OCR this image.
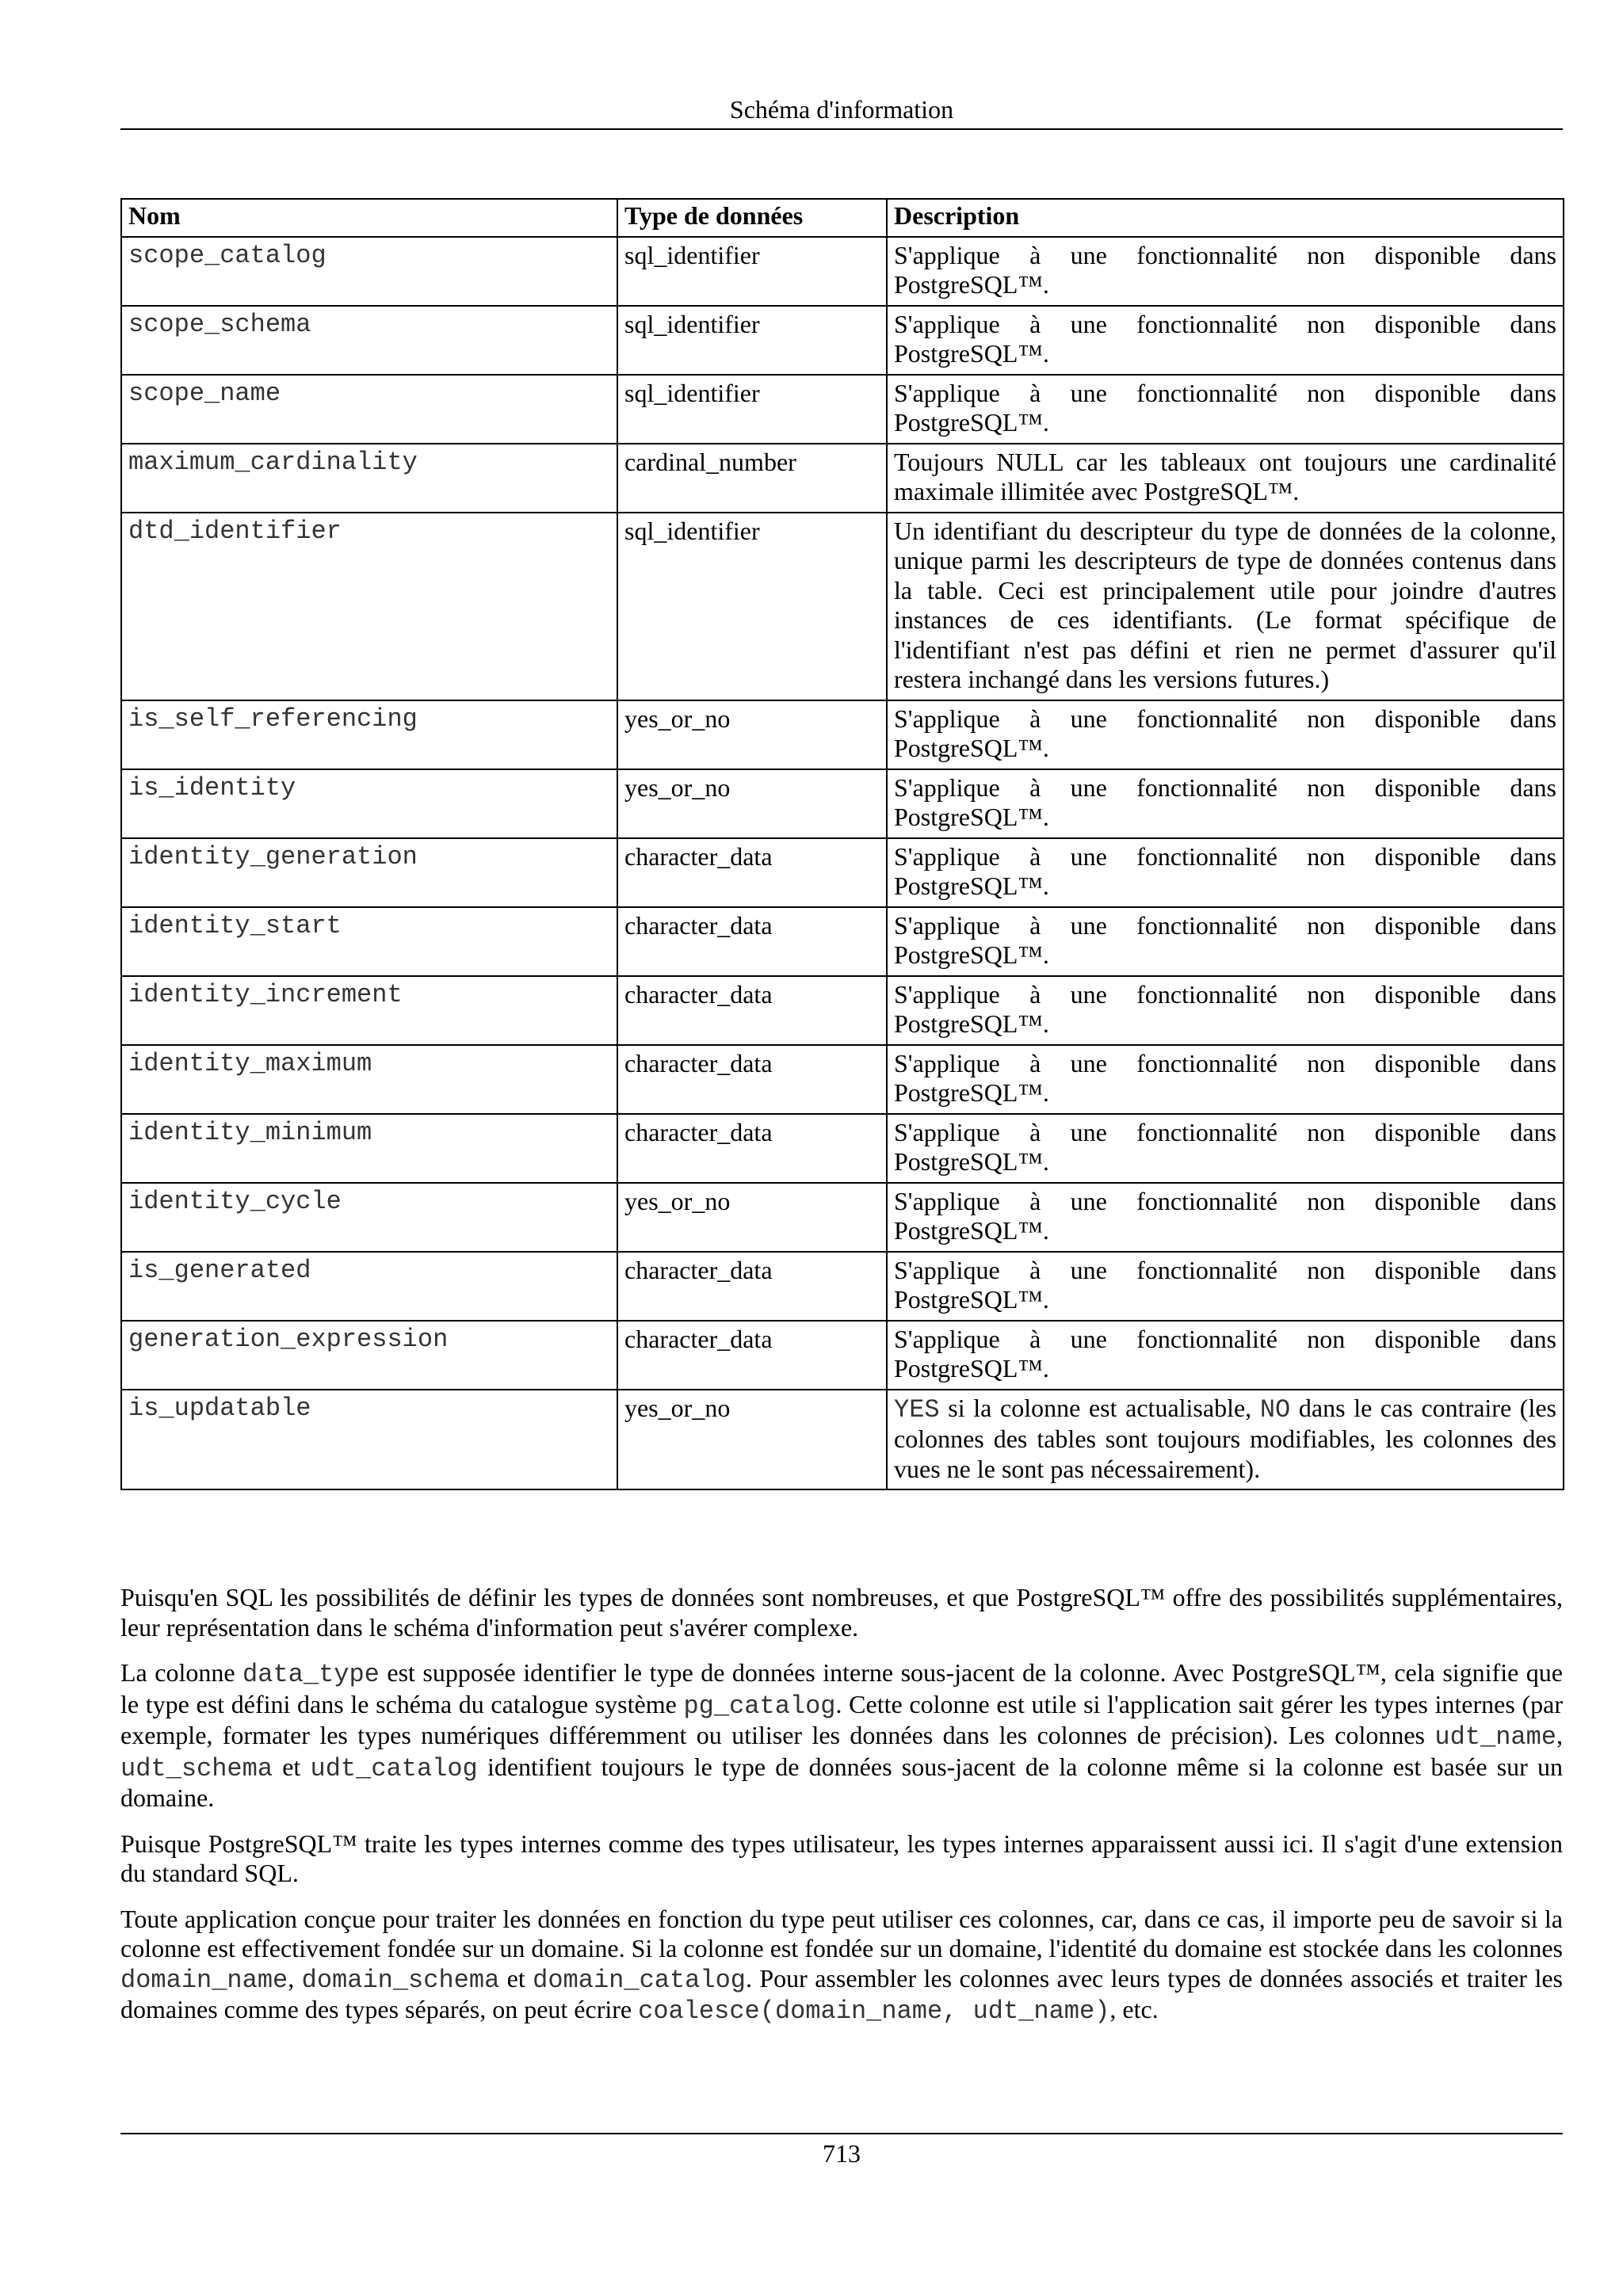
Schéma d'information
Nom	Type de données	Description
scope_catalog	sql_identifier	S'applique à une fonctionnalité non disponible dans PostgreSQL™.
scope_schema	sql_identifier	S'applique à une fonctionnalité non disponible dans PostgreSQL™.
scope_name	sql_identifier	S'applique à une fonctionnalité non disponible dans PostgreSQL™.
maximum_cardinality	cardinal_number	Toujours NULL car les tableaux ont toujours une cardinalité maximale illimitée avec PostgreSQL™.
dtd_identifier	sql_identifier	Un identifiant du descripteur du type de données de la colonne, unique parmi les descripteurs de type de données contenus dans la table. Ceci est principalement utile pour joindre d'autres instances de ces identifiants. (Le format spécifique de l'identifiant n'est pas défini et rien ne permet d'assurer qu'il restera inchangé dans les versions futures.)
is_self_referencing	yes_or_no	S'applique à une fonctionnalité non disponible dans PostgreSQL™.
is_identity	yes_or_no	S'applique à une fonctionnalité non disponible dans PostgreSQL™.
identity_generation	character_data	S'applique à une fonctionnalité non disponible dans PostgreSQL™.
identity_start	character_data	S'applique à une fonctionnalité non disponible dans PostgreSQL™.
identity_increment	character_data	S'applique à une fonctionnalité non disponible dans PostgreSQL™.
identity_maximum	character_data	S'applique à une fonctionnalité non disponible dans PostgreSQL™.
identity_minimum	character_data	S'applique à une fonctionnalité non disponible dans PostgreSQL™.
identity_cycle	yes_or_no	S'applique à une fonctionnalité non disponible dans PostgreSQL™.
is_generated	character_data	S'applique à une fonctionnalité non disponible dans PostgreSQL™.
generation_expression	character_data	S'applique à une fonctionnalité non disponible dans PostgreSQL™.
is_updatable	yes_or_no	YES si la colonne est actualisable, NO dans le cas contraire (les colonnes des tables sont toujours modifiables, les colonnes des vues ne le sont pas nécessairement).

Puisqu'en SQL les possibilités de définir les types de données sont nombreuses, et que PostgreSQL™ offre des possibilités supplémentaires, leur représentation dans le schéma d'information peut s'avérer complexe.

La colonne data_type est supposée identifier le type de données interne sous-jacent de la colonne. Avec PostgreSQL™, cela signifie que le type est défini dans le schéma du catalogue système pg_catalog. Cette colonne est utile si l'application sait gérer les types internes (par exemple, formater les types numériques différemment ou utiliser les données dans les colonnes de précision). Les colonnes udt_name, udt_schema et udt_catalog identifient toujours le type de données sous-jacent de la colonne même si la colonne est basée sur un domaine.

Puisque PostgreSQL™ traite les types internes comme des types utilisateur, les types internes apparaissent aussi ici. Il s'agit d'une extension du standard SQL.

Toute application conçue pour traiter les données en fonction du type peut utiliser ces colonnes, car, dans ce cas, il importe peu de savoir si la colonne est effectivement fondée sur un domaine. Si la colonne est fondée sur un domaine, l'identité du domaine est stockée dans les colonnes domain_name, domain_schema et domain_catalog. Pour assembler les colonnes avec leurs types de données associés et traiter les domaines comme des types séparés, on peut écrire coalesce(domain_name, udt_name), etc.

713
